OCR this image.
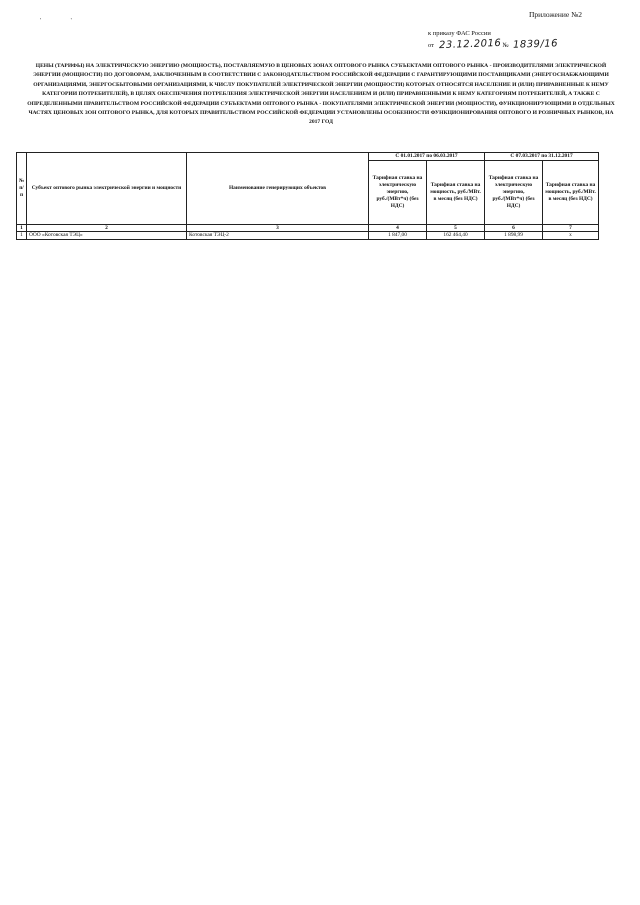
' '
Приложение №2
к приказу ФАС России
от 23.12.2016 № 1839/16
ЦЕНЫ (ТАРИФЫ) НА ЭЛЕКТРИЧЕСКУЮ ЭНЕРГИЮ (МОЩНОСТЬ), ПОСТАВЛЯЕМУЮ В ЦЕНОВЫХ ЗОНАХ ОПТОВОГО РЫНКА СУБЪЕКТАМИ ОПТОВОГО РЫНКА - ПРОИЗВОДИТЕЛЯМИ ЭЛЕКТРИЧЕСКОЙ ЭНЕРГИИ (МОЩНОСТИ) ПО ДОГОВОРАМ, ЗАКЛЮЧЕННЫМ В СООТВЕТСТВИИ С ЗАКОНОДАТЕЛЬСТВОМ РОССИЙСКОЙ ФЕДЕРАЦИИ С ГАРАНТИРУЮЩИМИ ПОСТАВЩИКАМИ (ЭНЕРГОСНАБЖАЮЩИМИ ОРГАНИЗАЦИЯМИ, ЭНЕРГОСБЫТОВЫМИ ОРГАНИЗАЦИЯМИ, К ЧИСЛУ ПОКУПАТЕЛЕЙ ЭЛЕКТРИЧЕСКОЙ ЭНЕРГИИ (МОЩНОСТИ) КОТОРЫХ ОТНОСЯТСЯ НАСЕЛЕНИЕ И (ИЛИ) ПРИРАВНЕННЫЕ К НЕМУ КАТЕГОРИИ ПОТРЕБИТЕЛЕЙ), В ЦЕЛЯХ ОБЕСПЕЧЕНИЯ ПОТРЕБЛЕНИЯ ЭЛЕКТРИЧЕСКОЙ ЭНЕРГИИ НАСЕЛЕНИЕМ И (ИЛИ) ПРИРАВНЕННЫМИ К НЕМУ КАТЕГОРИЯМ ПОТРЕБИТЕЛЕЙ, А ТАКЖЕ С ОПРЕДЕЛЕННЫМИ ПРАВИТЕЛЬСТВОМ РОССИЙСКОЙ ФЕДЕРАЦИИ СУБЪЕКТАМИ ОПТОВОГО РЫНКА - ПОКУПАТЕЛЯМИ ЭЛЕКТРИЧЕСКОЙ ЭНЕРГИИ (МОЩНОСТИ), ФУНКЦИОНИРУЮЩИМИ В ОТДЕЛЬНЫХ ЧАСТЯХ ЦЕНОВЫХ ЗОН ОПТОВОГО РЫНКА, ДЛЯ КОТОРЫХ ПРАВИТЕЛЬСТВОМ РОССИЙСКОЙ ФЕДЕРАЦИИ УСТАНОВЛЕНЫ ОСОБЕННОСТИ ФУНКЦИОНИРОВАНИЯ ОПТОВОГО И РОЗНИЧНЫХ РЫНКОВ, НА 2017 ГОД
№ п/п	Субъект оптового рынка электрической энергии и мощности	Наименование генерирующих объектов	С 01.01.2017 по 06.03.2017		С 07.03.2017 по 31.12.2017	
			Тарифная ставка на электрическую энергию, руб./(МВт*ч) (без НДС)	Тарифная ставка на мощность, руб./МВт. в месяц (без НДС)	Тарифная ставка на электрическую энергию, руб./(МВт*ч) (без НДС)	Тарифная ставка на мощность, руб./МВт. в месяц (без НДС)
1	2	3	4	5	6	7
1	ООО «Котовская ТЭЦ»	Котовская ТЭЦ-2	1 847,00	162 464,40	1 898,99	х
